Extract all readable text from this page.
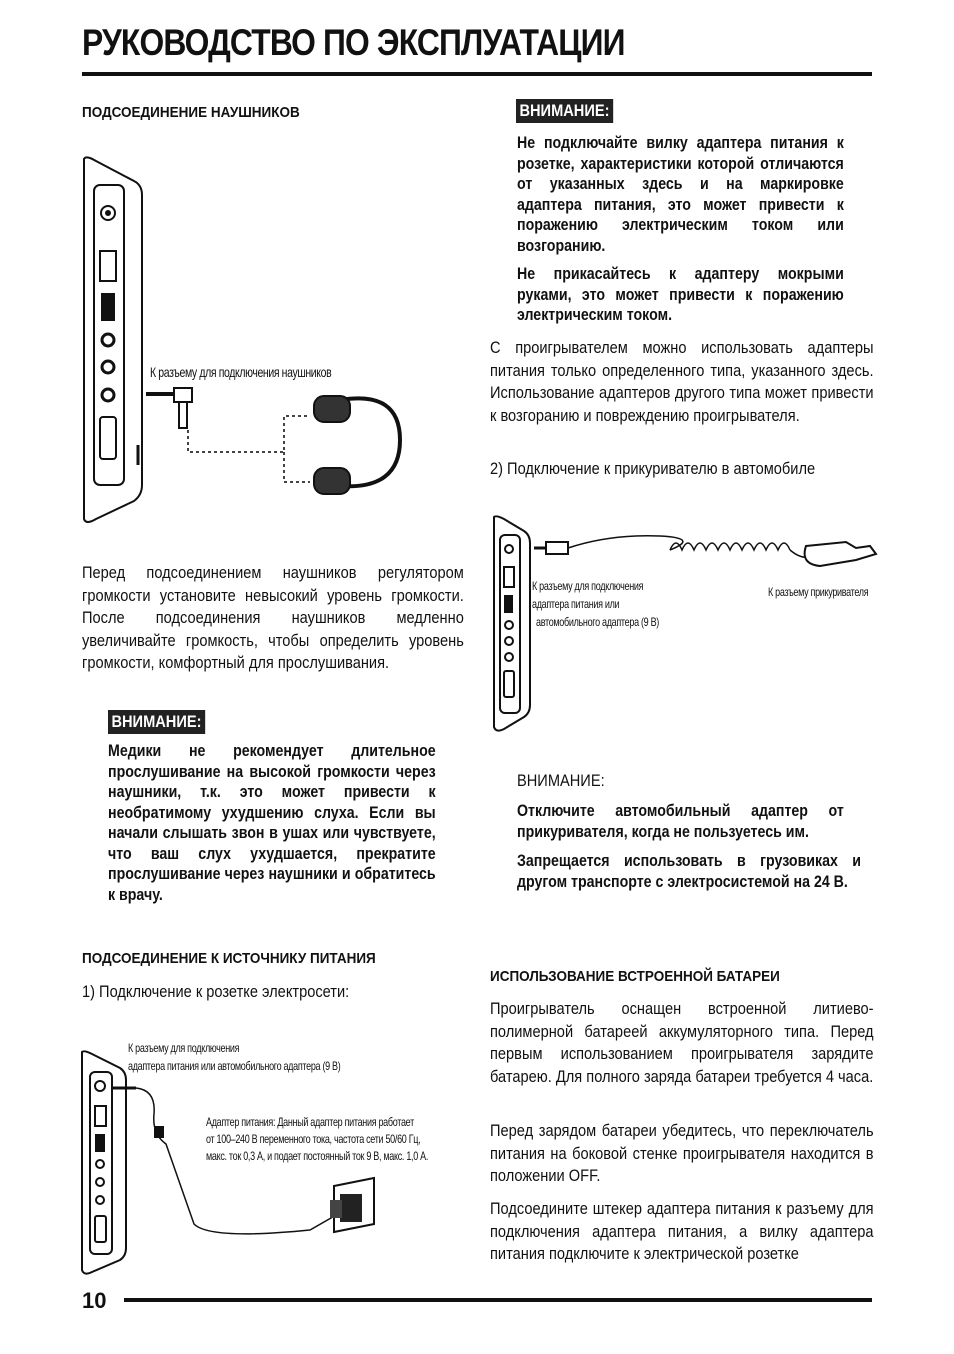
РУКОВОДСТВО ПО ЭКСПЛУАТАЦИИ
ПОДСОЕДИНЕНИЕ НАУШНИКОВ
К разъему для подключения наушников
Перед подсоединением наушников регулятором громкости установите невысокий уровень громкости. После подсоединения наушников медленно увеличивайте громкость, чтобы определить уровень громкости, комфортный для прослушивания.
ВНИМАНИЕ:
Медики не рекомендует длительное прослушивание на высокой громкости через наушники, т.к. это может привести к необратимому ухудшению слуха. Если вы начали слышать звон в ушах или чувствуете, что ваш слух ухудшается, прекратите прослушивание через наушники и обратитесь к врачу.
ПОДСОЕДИНЕНИЕ К ИСТОЧНИКУ ПИТАНИЯ
1) Подключение к розетке электросети:
К разъему для подключения
адаптера питания или автомобильного адаптера (9 В)
Адаптер питания: Данный адаптер питания работает
от 100–240 В переменного тока, частота сети 50/60 Гц,
макс. ток 0,3 А, и подает постоянный ток 9 В, макс. 1,0 А.
ВНИМАНИЕ:
Не подключайте вилку адаптера питания к розетке, характеристики которой отличаются от указанных здесь и на маркировке адаптера питания, это может привести к поражению электрическим током или возгоранию.
Не прикасайтесь к адаптеру мокрыми руками, это может привести к поражению электрическим током.
С проигрывателем можно использовать адаптеры питания только определенного типа, указанного здесь. Использование адаптеров другого типа может привести к возгоранию и повреждению проигрывателя.
2) Подключение к прикуривателю в автомобиле
К разъему для подключения
адаптера питания или
автомобильного адаптера (9 В)
К разъему прикуривателя
ВНИМАНИЕ:
Отключите автомобильный адаптер от прикуривателя, когда не пользуетесь им.
Запрещается использовать в грузовиках и другом транспорте с электросистемой на 24 В.
ИСПОЛЬЗОВАНИЕ ВСТРОЕННОЙ БАТАРЕИ
Проигрыватель оснащен встроенной литиево-полимерной батареей аккумуляторного типа. Перед первым использованием проигрывателя зарядите батарею. Для полного заряда батареи требуется 4 часа.
Перед зарядом батареи убедитесь, что переключатель питания на боковой стенке проигрывателя находится в положении OFF.
Подсоедините штекер адаптера питания к разъему для подключения адаптера питания, а вилку адаптера питания подключите к электрической розетке
10
